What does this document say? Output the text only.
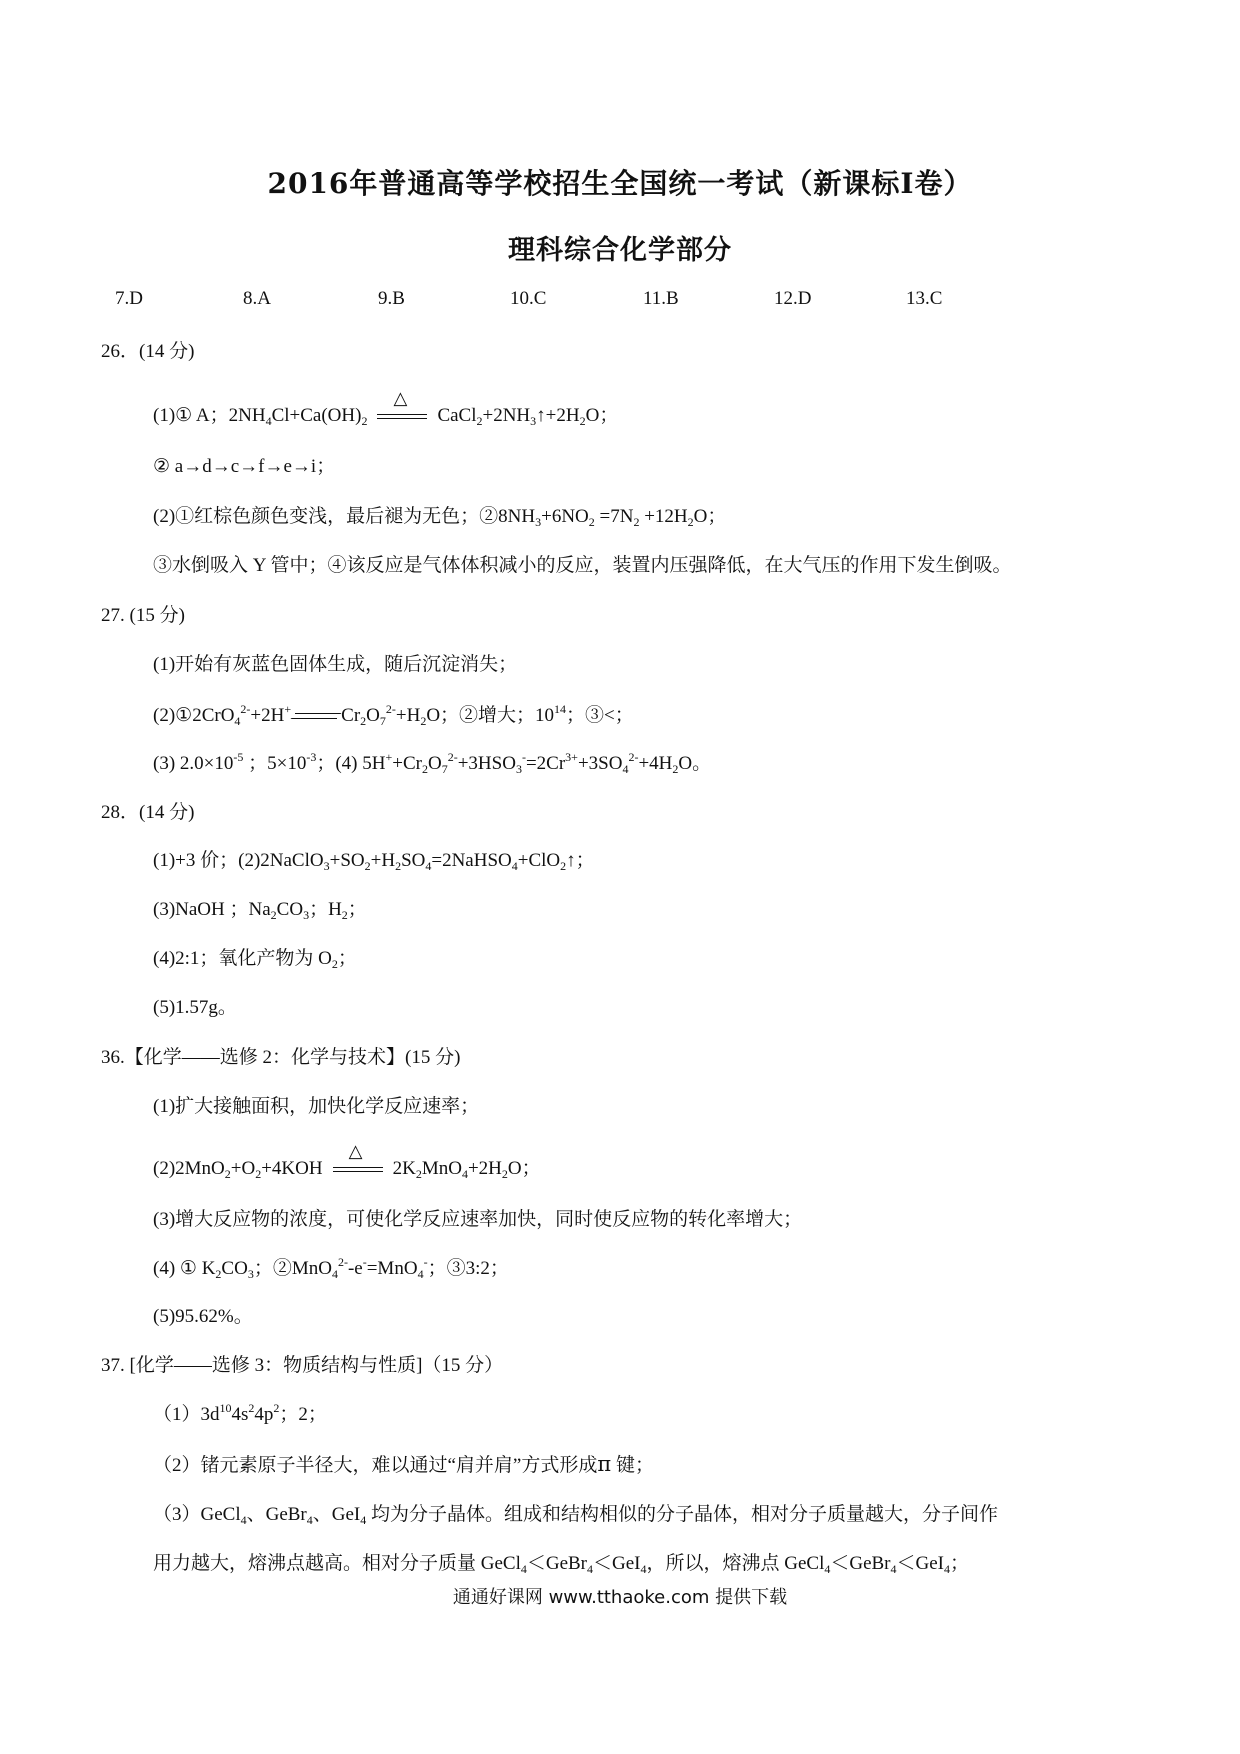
2016年普通高等学校招生全国统一考试（新课标Ⅰ卷）
理科综合化学部分
7.D	8.A	9.B	10.C	11.B	12.D	13.C
26．(14 分)
(1)① A；$2NH_4Cl+Ca(OH)_2$
△
$CaCl_2+2NH_3↑+2H_2O$；
② a→d→c→f→e→i；
(2)①红棕色颜色变浅，最后褪为无色；$②8NH_3+6NO_2 =7N_2 +12H_2O$；
③水倒吸入 Y 管中；④该反应是气体体积减小的反应，装置内压强降低，在大气压的作用下发生倒吸。
27. (15 分)
(1)开始有灰蓝色固体生成，随后沉淀消失；
(2)①2CrO$_4^{2-}$+2H+	$Cr_2O_7^{2-}+H_2O$；②增大；$10^{14}$；③<；
(3) $2.0\times 10^{-5}$ ；$5\times 10^{-3}$；(4) $5H^++Cr_2O_7^{2-}+3HSO_3^-=2Cr^{3+}+3SO_4^{2-}+4H_2O$。
28．(14 分)
(1)+3 价；$(2)2NaClO_3+SO_2+H_2SO_4=2NaHSO_4+ClO_2↑$；
(3)NaOH ；$Na_2CO_3$；$H_2$；
(4)2:1；氧化产物为 $O_2$；
(5)1.57g。
36.【化学——选修 2：化学与技术】(15 分)
(1)扩大接触面积，加快化学反应速率；
$(2)2MnO_2+O_2+4KOH$
△
$2K_2MnO_4+2H_2O$；
(3)增大反应物的浓度，可使化学反应速率加快，同时使反应物的转化率增大；
(4) ① $K_2CO_3$；②MnO$_4^{2-}$-e-=MnO$_4$-；③3:2；
(5)95.62%。
37. [化学——选修 3：物质结构与性质]（15 分）
$(1)3d^{10}4s^24p^2$；2；
（2）锗元素原子半径大，难以通过“肩并肩”方式形成π 键；
（3）GeCl$_4$、GeBr$_4$、GeI$_4$ 均为分子晶体。组成和结构相似的分子晶体，相对分子质量越大，分子间作
用力越大，熔沸点越高。相对分子质量 GeCl$_4$＜GeBr$_4$＜GeI$_4$，所以，熔沸点 GeCl$_4$＜GeBr$_4$＜GeI$_4$；
通通好课网 www.tthaoke.com 提供下载
